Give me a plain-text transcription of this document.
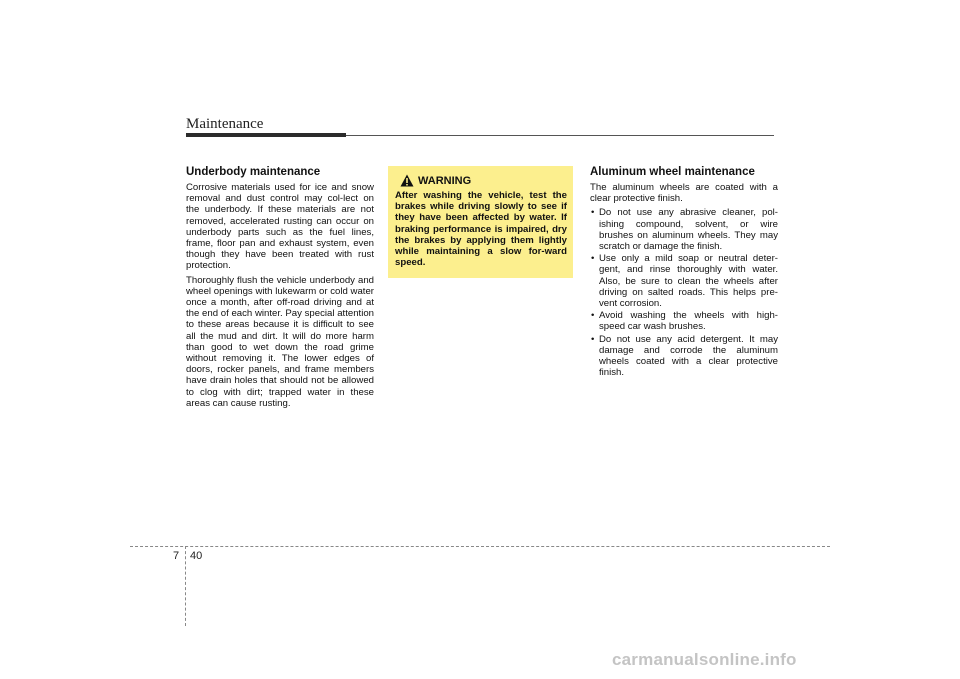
Maintenance
Underbody maintenance

Corrosive materials used for ice and snow removal and dust control may col-lect on the underbody. If these materials are not removed, accelerated rusting can occur on underbody parts such as the fuel lines, frame, floor pan and exhaust system, even though they have been treated with rust protection.

Thoroughly flush the vehicle underbody and wheel openings with lukewarm or cold water once a month, after off-road driving and at the end of each winter. Pay special attention to these areas because it is difficult to see all the mud and dirt. It will do more harm than good to wet down the road grime without removing it. The lower edges of doors, rocker panels, and frame members have drain holes that should not be allowed to clog with dirt; trapped water in these areas can cause rusting.

WARNING
After washing the vehicle, test the brakes while driving slowly to see if they have been affected by water. If braking performance is impaired, dry the brakes by applying them lightly while maintaining a slow for-ward speed.
Aluminum wheel maintenance

The aluminum wheels are coated with a clear protective finish.

• Do not use any abrasive cleaner, pol-ishing compound, solvent, or wire brushes on aluminum wheels. They may scratch or damage the finish.
• Use only a mild soap or neutral deter-gent, and rinse thoroughly with water. Also, be sure to clean the wheels after driving on salted roads. This helps pre-vent corrosion.
• Avoid washing the wheels with high-speed car wash brushes.
• Do not use any acid detergent. It may damage and corrode the aluminum wheels coated with a clear protective finish.
7 40
carmanualsonline.info
